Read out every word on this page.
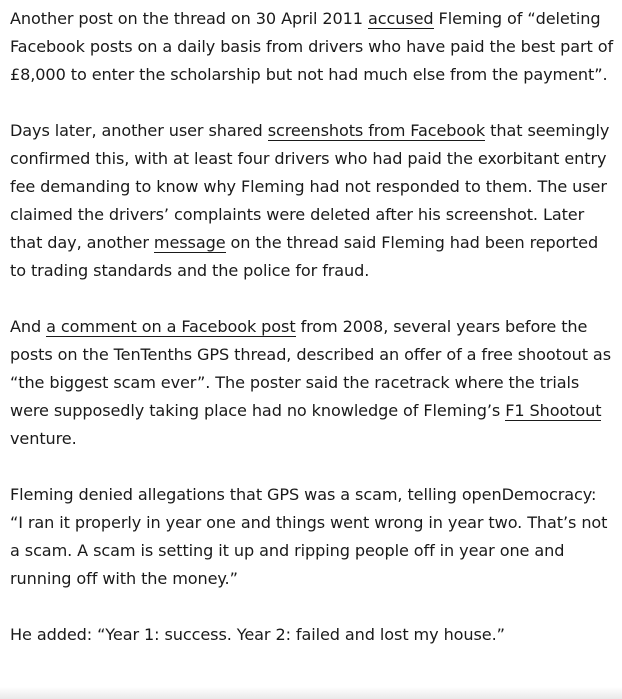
Another post on the thread on 30 April 2011 accused Fleming of “deleting Facebook posts on a daily basis from drivers who have paid the best part of £8,000 to enter the scholarship but not had much else from the payment”.

Days later, another user shared screenshots from Facebook that seemingly confirmed this, with at least four drivers who had paid the exorbitant entry fee demanding to know why Fleming had not responded to them. The user claimed the drivers’ complaints were deleted after his screenshot. Later that day, another message on the thread said Fleming had been reported to trading standards and the police for fraud.

And a comment on a Facebook post from 2008, several years before the posts on the TenTenths GPS thread, described an offer of a free shootout as “the biggest scam ever”. The poster said the racetrack where the trials were supposedly taking place had no knowledge of Fleming’s F1 Shootout venture.

Fleming denied allegations that GPS was a scam, telling openDemocracy: “I ran it properly in year one and things went wrong in year two. That’s not a scam. A scam is setting it up and ripping people off in year one and running off with the money.”

He added: “Year 1: success. Year 2: failed and lost my house.”
